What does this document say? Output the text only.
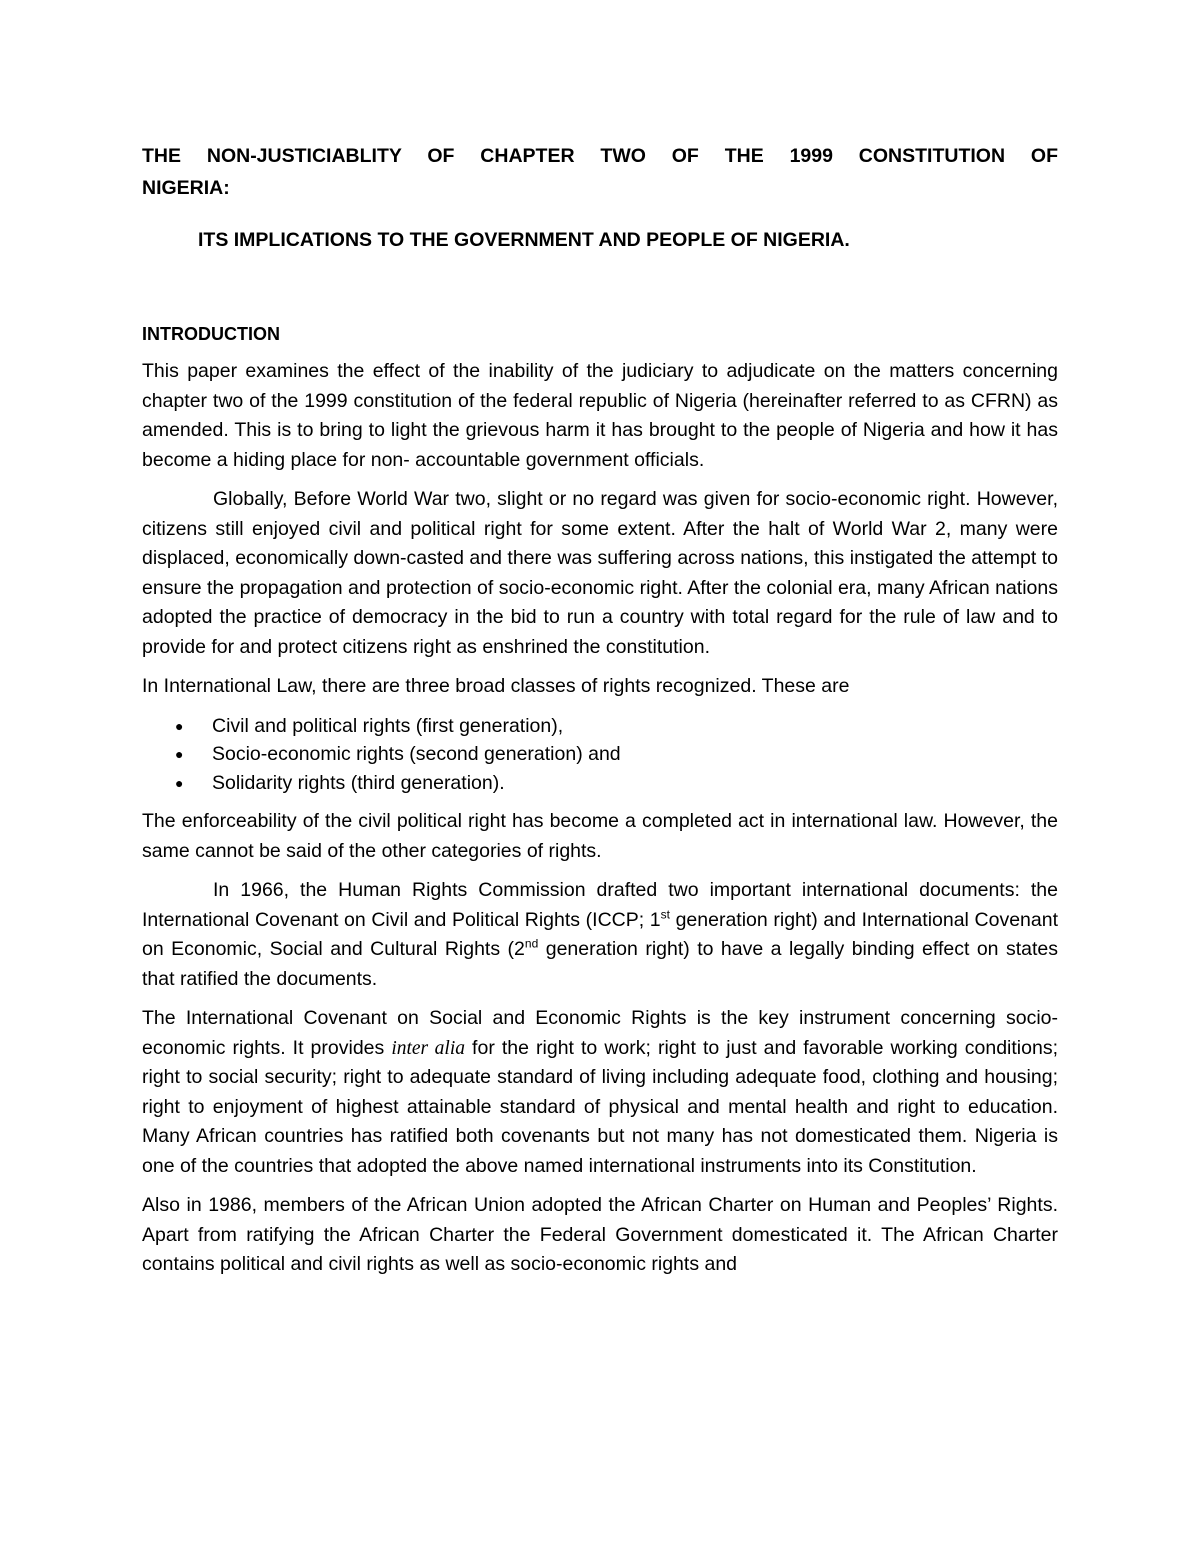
THE NON-JUSTICIABLITY OF CHAPTER TWO OF THE 1999 CONSTITUTION OF
NIGERIA:
ITS IMPLICATIONS TO THE GOVERNMENT AND PEOPLE OF NIGERIA.
INTRODUCTION

This paper examines the effect of the inability of the judiciary to adjudicate on the matters concerning chapter two of the 1999 constitution of the federal republic of Nigeria (hereinafter referred to as CFRN) as amended. This is to bring to light the grievous harm it has brought to the people of Nigeria and how it has become a hiding place for non- accountable government officials.

Globally, Before World War two, slight or no regard was given for socio-economic right. However, citizens still enjoyed civil and political right for some extent. After the halt of World War 2, many were displaced, economically down-casted and there was suffering across nations, this instigated the attempt to ensure the propagation and protection of socio-economic right. After the colonial era, many African nations adopted the practice of democracy in the bid to run a country with total regard for the rule of law and to provide for and protect citizens right as enshrined the constitution.

In International Law, there are three broad classes of rights recognized. These are

● Civil and political rights (first generation),
● Socio-economic rights (second generation) and
● Solidarity rights (third generation).

The enforceability of the civil political right has become a completed act in international law. However, the same cannot be said of the other categories of rights.

In 1966, the Human Rights Commission drafted two important international documents: the International Covenant on Civil and Political Rights (ICCP; 1st generation right) and International Covenant on Economic, Social and Cultural Rights (2nd generation right) to have a legally binding effect on states that ratified the documents.

The International Covenant on Social and Economic Rights is the key instrument concerning socio-economic rights. It provides inter alia for the right to work; right to just and favorable working conditions; right to social security; right to adequate standard of living including adequate food, clothing and housing; right to enjoyment of highest attainable standard of physical and mental health and right to education. Many African countries has ratified both covenants but not many has not domesticated them. Nigeria is one of the countries that adopted the above named international instruments into its Constitution.

Also in 1986, members of the African Union adopted the African Charter on Human and Peoples’ Rights. Apart from ratifying the African Charter the Federal Government domesticated it. The African Charter contains political and civil rights as well as socio-economic rights and
